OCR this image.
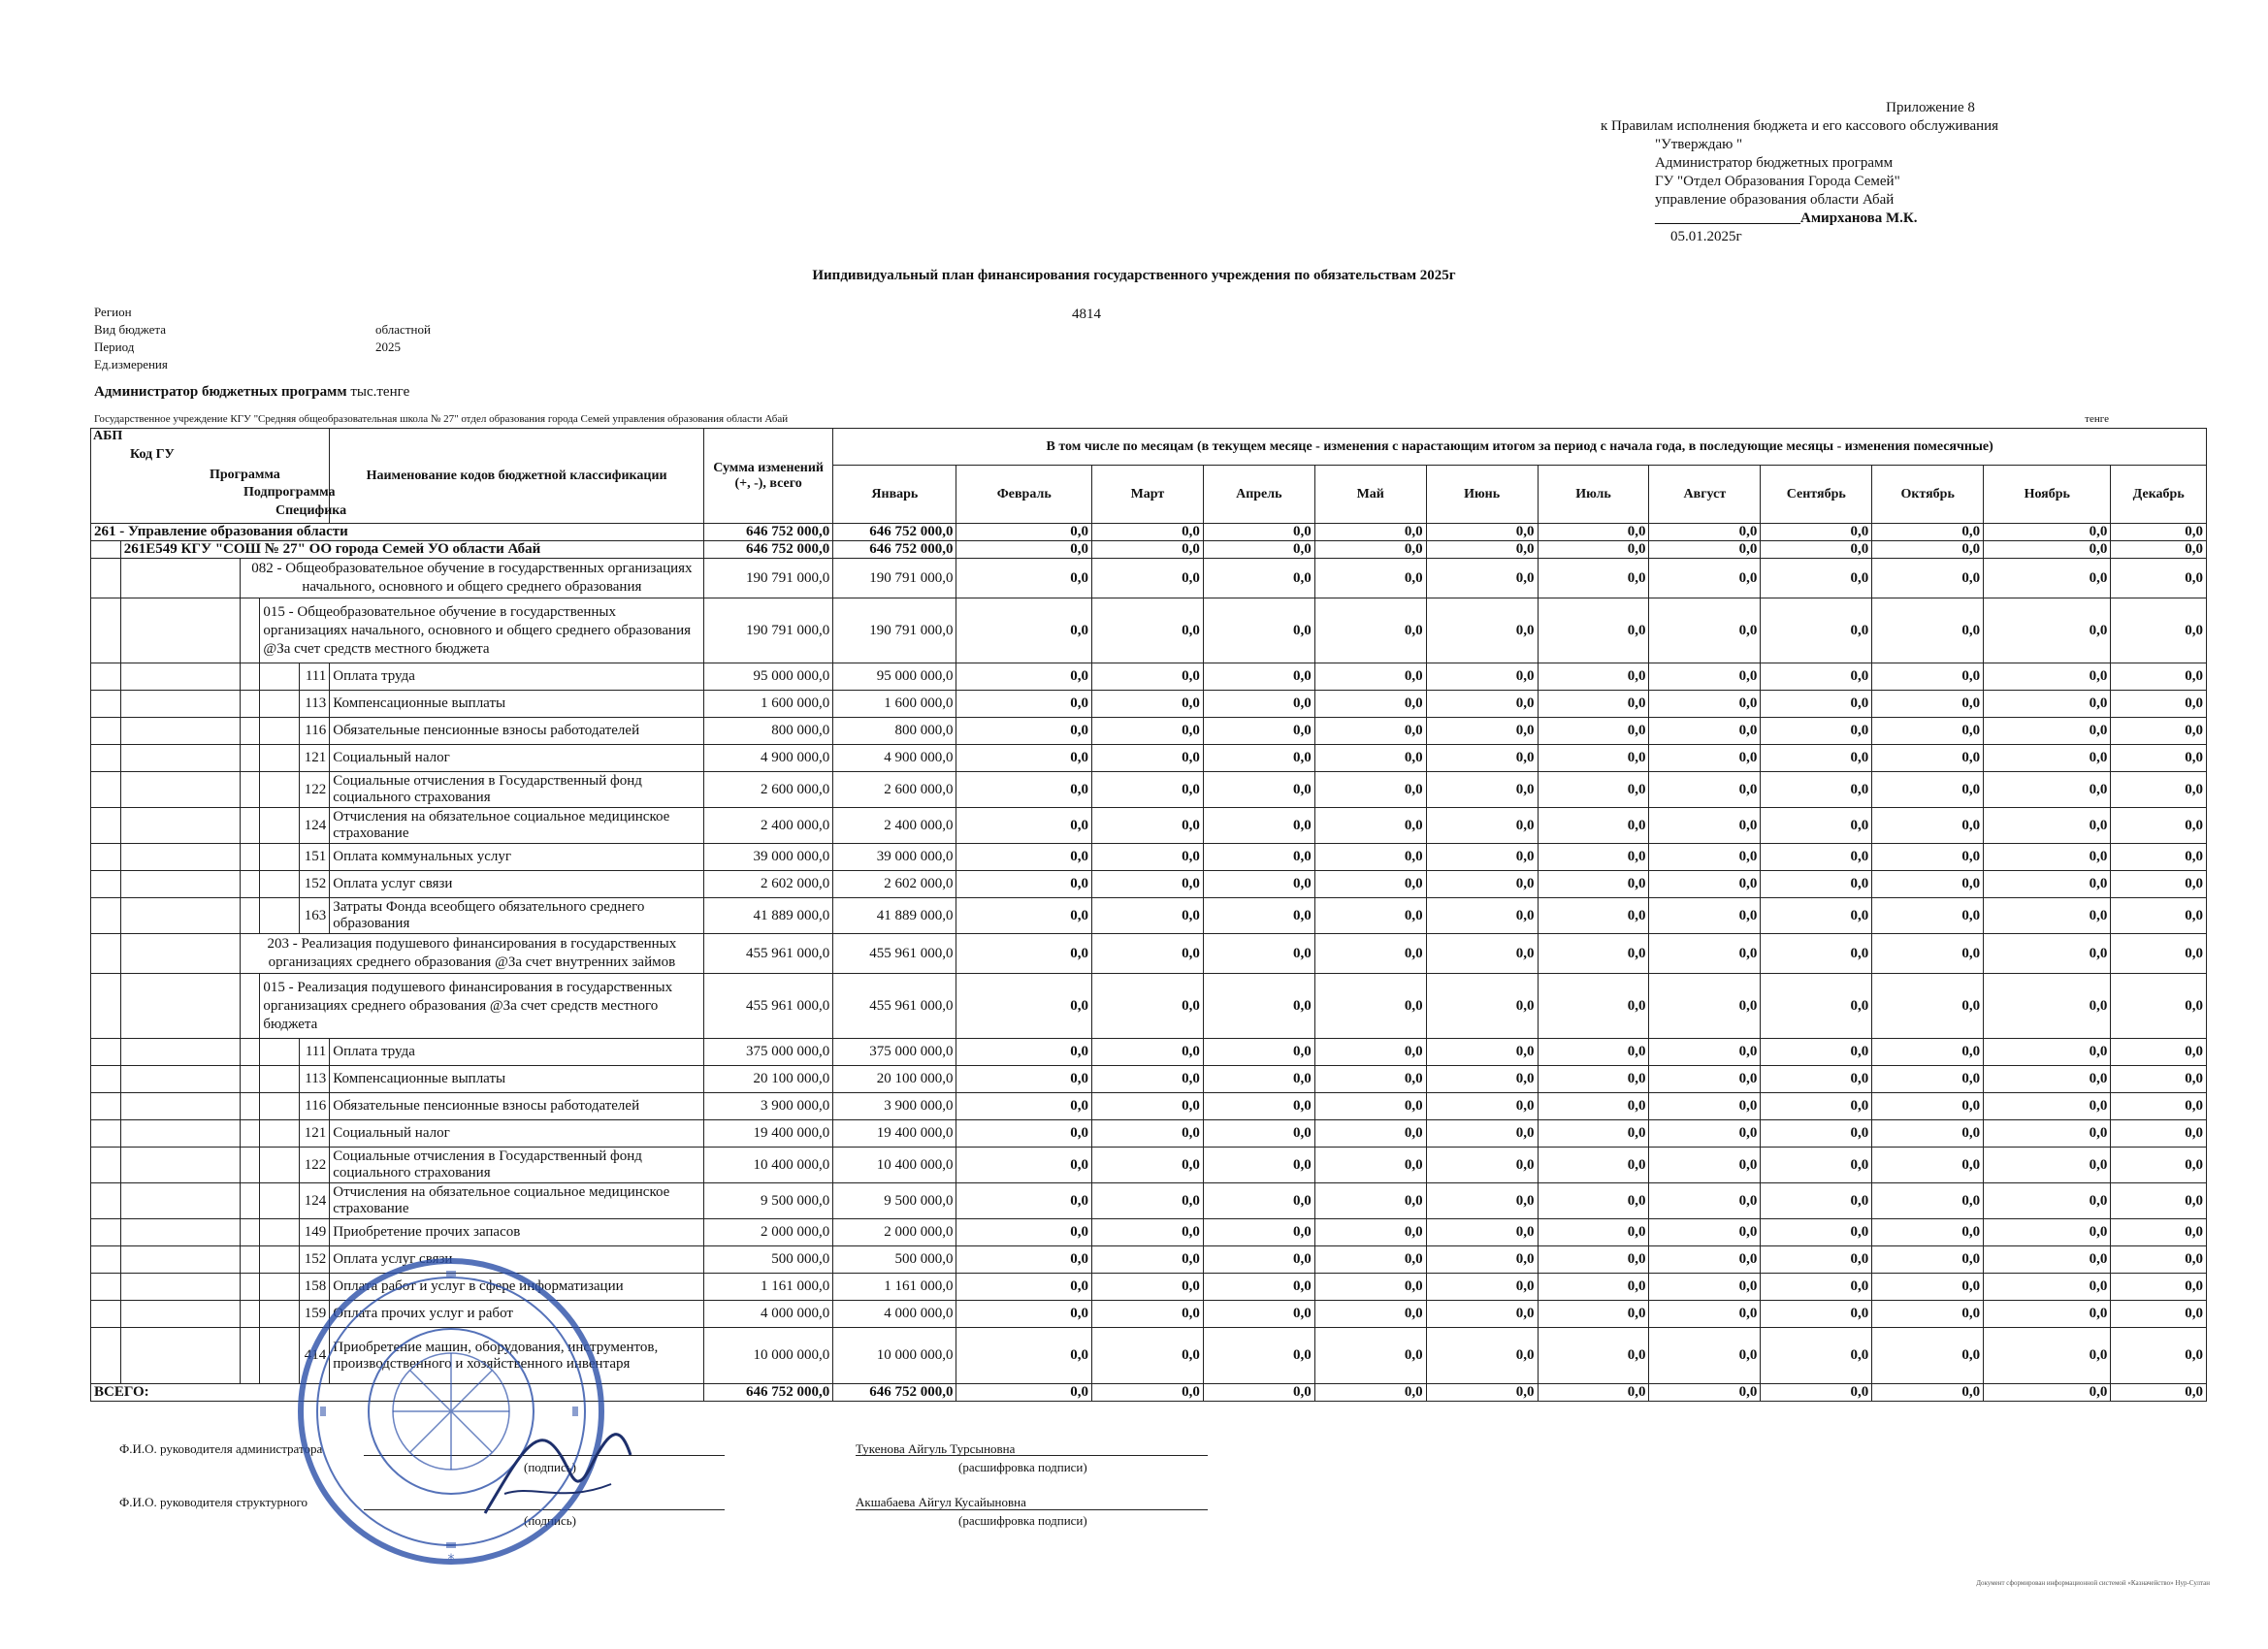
Приложение 8
к Правилам исполнения бюджета и его кассового обслуживания
"Утверждаю "
Администратор бюджетных программ
ГУ "Отдел Образования Города Семей"
управление образования области Абай
____________________Амирханова М.К.
05.01.2025г
Иипдивидуальный план финансирования государственного учреждения по обязательствам 2025г
4814
Регион
Вид бюджета	областной
Период	2025
Ед.измерения
Администратор бюджетных программ тыс.тенге
Государственное учреждение КГУ "Средняя общеобразовательная школа № 27" отдел образования города Семей управления образования области Абай	тенге
АБП
Код ГУ
Программа
Подпрограмма
Специфика					Наименование кодов бюджетной классификации	Сумма изменений (+, -), всего	В том числе по месяцам (в текущем месяце - изменения с нарастающим итогом за период с начала года, в последующие месяцы - изменения помесячные)											
							Январь	Февраль	Март	Апрель	Май	Июнь	Июль	Август	Сентябрь	Октябрь	Ноябрь	Декабрь
261 - Управление образования области						646 752 000,0	646 752 000,0	0,0	0,0	0,0	0,0	0,0	0,0	0,0	0,0	0,0	0,0	0,0
	261E549 КГУ "СОШ № 27" ОО города Семей УО области Абай					646 752 000,0	646 752 000,0	0,0	0,0	0,0	0,0	0,0	0,0	0,0	0,0	0,0	0,0	0,0
		082 - Общеобразовательное обучение в государственных организациях начального, основного и общего среднего образования				190 791 000,0	190 791 000,0	0,0	0,0	0,0	0,0	0,0	0,0	0,0	0,0	0,0	0,0	0,0
			015 - Общеобразовательное обучение в государственных организациях начального, основного и общего среднего образования @За счет средств местного бюджета			190 791 000,0	190 791 000,0	0,0	0,0	0,0	0,0	0,0	0,0	0,0	0,0	0,0	0,0	0,0
				111	Оплата труда	95 000 000,0	95 000 000,0	0,0	0,0	0,0	0,0	0,0	0,0	0,0	0,0	0,0	0,0	0,0
				113	Компенсационные выплаты	1 600 000,0	1 600 000,0	0,0	0,0	0,0	0,0	0,0	0,0	0,0	0,0	0,0	0,0	0,0
				116	Обязательные пенсионные взносы работодателей	800 000,0	800 000,0	0,0	0,0	0,0	0,0	0,0	0,0	0,0	0,0	0,0	0,0	0,0
				121	Социальный налог	4 900 000,0	4 900 000,0	0,0	0,0	0,0	0,0	0,0	0,0	0,0	0,0	0,0	0,0	0,0
				122	Социальные отчисления в Государственный фонд социального страхования	2 600 000,0	2 600 000,0	0,0	0,0	0,0	0,0	0,0	0,0	0,0	0,0	0,0	0,0	0,0
				124	Отчисления на обязательное социальное медицинское страхование	2 400 000,0	2 400 000,0	0,0	0,0	0,0	0,0	0,0	0,0	0,0	0,0	0,0	0,0	0,0
				151	Оплата коммунальных услуг	39 000 000,0	39 000 000,0	0,0	0,0	0,0	0,0	0,0	0,0	0,0	0,0	0,0	0,0	0,0
				152	Оплата услуг связи	2 602 000,0	2 602 000,0	0,0	0,0	0,0	0,0	0,0	0,0	0,0	0,0	0,0	0,0	0,0
				163	Затраты Фонда всеобщего обязательного среднего образования	41 889 000,0	41 889 000,0	0,0	0,0	0,0	0,0	0,0	0,0	0,0	0,0	0,0	0,0	0,0
		203 - Реализация подушевого финансирования в государственных организациях среднего образования @За счет внутренних займов				455 961 000,0	455 961 000,0	0,0	0,0	0,0	0,0	0,0	0,0	0,0	0,0	0,0	0,0	0,0
			015 - Реализация подушевого финансирования в государственных организациях среднего образования @За счет средств местного бюджета			455 961 000,0	455 961 000,0	0,0	0,0	0,0	0,0	0,0	0,0	0,0	0,0	0,0	0,0	0,0
				111	Оплата труда	375 000 000,0	375 000 000,0	0,0	0,0	0,0	0,0	0,0	0,0	0,0	0,0	0,0	0,0	0,0
				113	Компенсационные выплаты	20 100 000,0	20 100 000,0	0,0	0,0	0,0	0,0	0,0	0,0	0,0	0,0	0,0	0,0	0,0
				116	Обязательные пенсионные взносы работодателей	3 900 000,0	3 900 000,0	0,0	0,0	0,0	0,0	0,0	0,0	0,0	0,0	0,0	0,0	0,0
				121	Социальный налог	19 400 000,0	19 400 000,0	0,0	0,0	0,0	0,0	0,0	0,0	0,0	0,0	0,0	0,0	0,0
				122	Социальные отчисления в Государственный фонд социального страхования	10 400 000,0	10 400 000,0	0,0	0,0	0,0	0,0	0,0	0,0	0,0	0,0	0,0	0,0	0,0
				124	Отчисления на обязательное социальное медицинское страхование	9 500 000,0	9 500 000,0	0,0	0,0	0,0	0,0	0,0	0,0	0,0	0,0	0,0	0,0	0,0
				149	Приобретение прочих запасов	2 000 000,0	2 000 000,0	0,0	0,0	0,0	0,0	0,0	0,0	0,0	0,0	0,0	0,0	0,0
				152	Оплата услуг связи	500 000,0	500 000,0	0,0	0,0	0,0	0,0	0,0	0,0	0,0	0,0	0,0	0,0	0,0
				158	Оплата работ и услуг в сфере информатизации	1 161 000,0	1 161 000,0	0,0	0,0	0,0	0,0	0,0	0,0	0,0	0,0	0,0	0,0	0,0
				159	Оплата прочих услуг и работ	4 000 000,0	4 000 000,0	0,0	0,0	0,0	0,0	0,0	0,0	0,0	0,0	0,0	0,0	0,0
				414	Приобретение машин, оборудования, инструментов, производственного и хозяйственного инвентаря	10 000 000,0	10 000 000,0	0,0	0,0	0,0	0,0	0,0	0,0	0,0	0,0	0,0	0,0	0,0
ВСЕГО:						646 752 000,0	646 752 000,0	0,0	0,0	0,0	0,0	0,0	0,0	0,0	0,0	0,0	0,0	0,0
Ф.И.О. руководителя администратора
(подпись)
Тукенова Айгуль Турсыновна
(расшифровка подписи)
Ф.И.О. руководителя структурного
(подпись)
Акшабаева Айгул Кусайыновна
(расшифровка подписи)
*
Документ сформирован информационной системой «Казначейство» Нур-Султан
